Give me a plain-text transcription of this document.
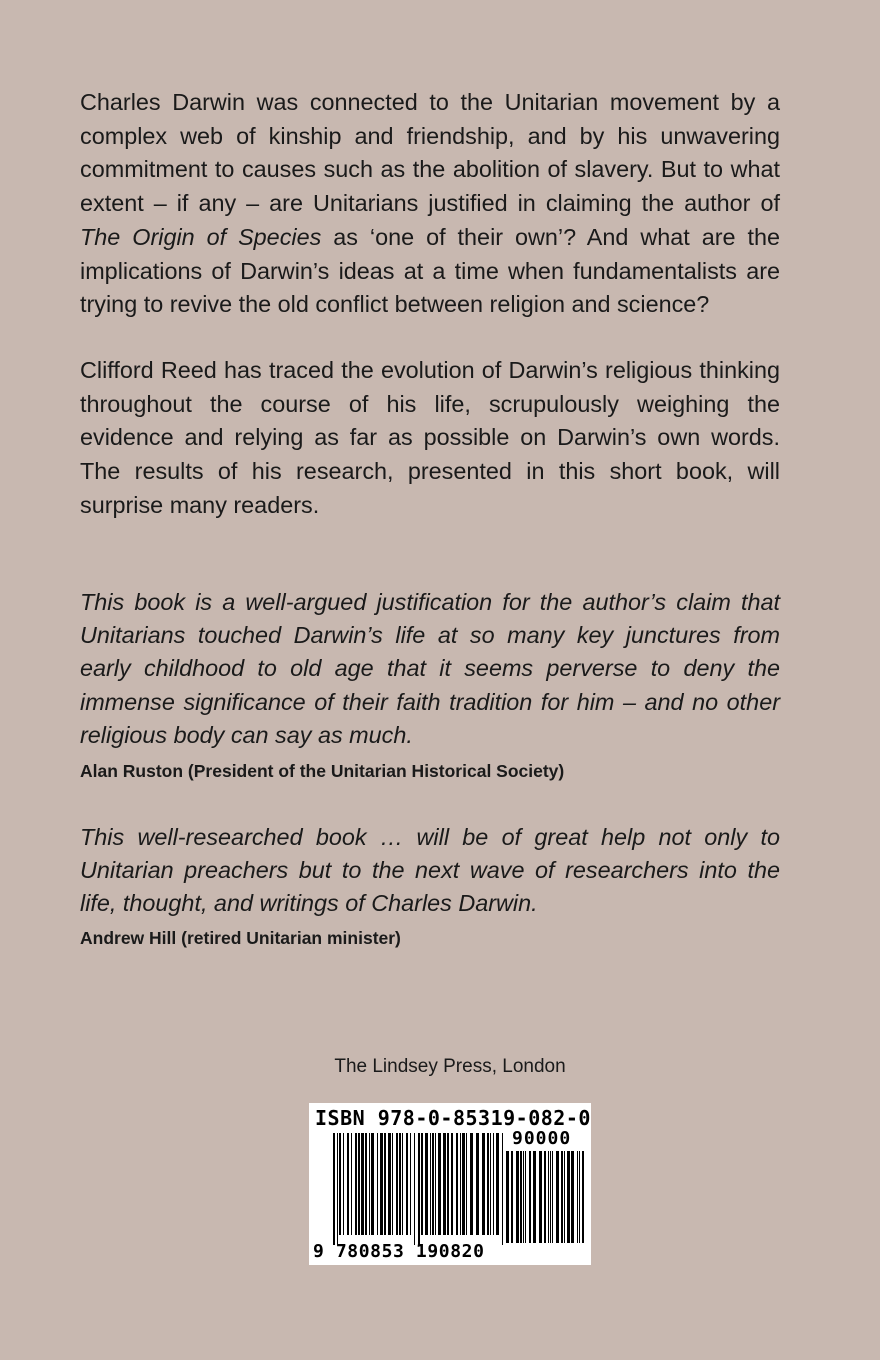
Charles Darwin was connected to the Unitarian movement by a complex web of kinship and friendship, and by his unwavering commitment to causes such as the abolition of slavery. But to what extent – if any – are Unitarians justified in claiming the author of The Origin of Species as ‘one of their own’? And what are the implications of Darwin’s ideas at a time when fundamentalists are trying to revive the old conflict between religion and science?

Clifford Reed has traced the evolution of Darwin’s religious thinking throughout the course of his life, scrupulously weighing the evidence and relying as far as possible on Darwin’s own words. The results of his research, presented in this short book, will surprise many readers.

This book is a well-argued justification for the author’s claim that Unitarians touched Darwin’s life at so many key junctures from early childhood to old age that it seems perverse to deny the immense significance of their faith tradition for him – and no other religious body can say as much.

Alan Ruston (President of the Unitarian Historical Society)

This well-researched book … will be of great help not only to Unitarian preachers but to the next wave of researchers into the life, thought, and writings of Charles Darwin.

Andrew Hill (retired Unitarian minister)

The Lindsey Press, London

ISBN 978-0-85319-082-0
90000
9 780853 190820
